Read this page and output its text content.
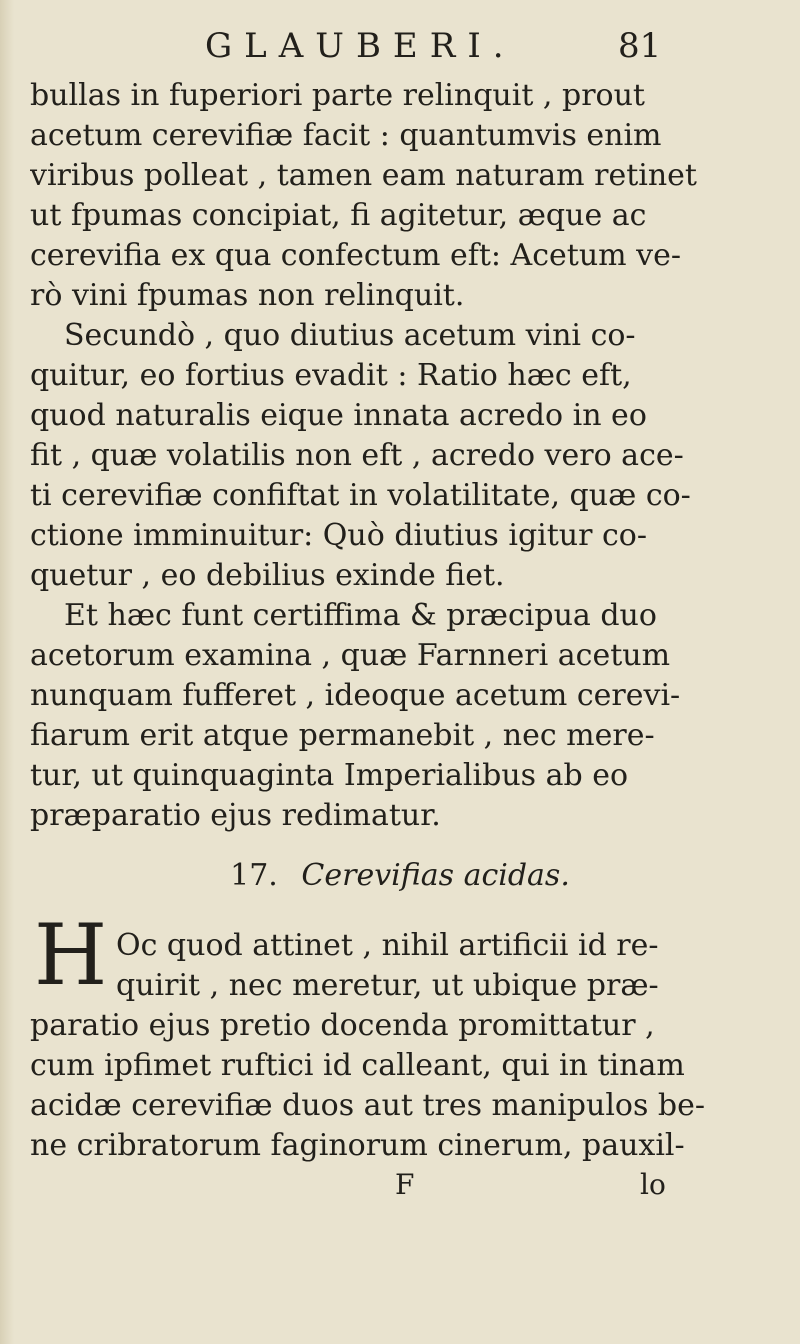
GLAUBERI.	81
bullas in fuperiori parte relinquit , prout
acetum cerevifiæ facit : quantumvis enim
viribus polleat , tamen eam naturam retinet
ut fpumas concipiat, fi agitetur, æque ac
cerevifia ex qua confectum eft: Acetum ve-
rò vini fpumas non relinquit.
Secundò , quo diutius acetum vini co-
quitur, eo fortius evadit : Ratio hæc eft,
quod naturalis eique innata acredo in eo
fit , quæ volatilis non eft , acredo vero ace-
ti cerevifiæ confiftat in volatilitate, quæ co-
ctione imminuitur: Quò diutius igitur co-
quetur , eo debilius exinde fiet.
Et hæc funt certiffima & præcipua duo
acetorum examina , quæ Farnneri acetum
nunquam fufferet , ideoque acetum cerevi-
fiarum erit atque permanebit , nec mere-
tur, ut quinquaginta Imperialibus ab eo
præparatio ejus redimatur.
17. Cerevifias acidas.
H Oc quod attinet , nihil artificii id re-
quirit , nec meretur, ut ubique præ-
paratio ejus pretio docenda promittatur ,
cum ipfimet ruftici id calleant, qui in tinam
acidæ cerevifiæ duos aut tres manipulos be-
ne cribratorum faginorum cinerum, pauxil-
F	lo
